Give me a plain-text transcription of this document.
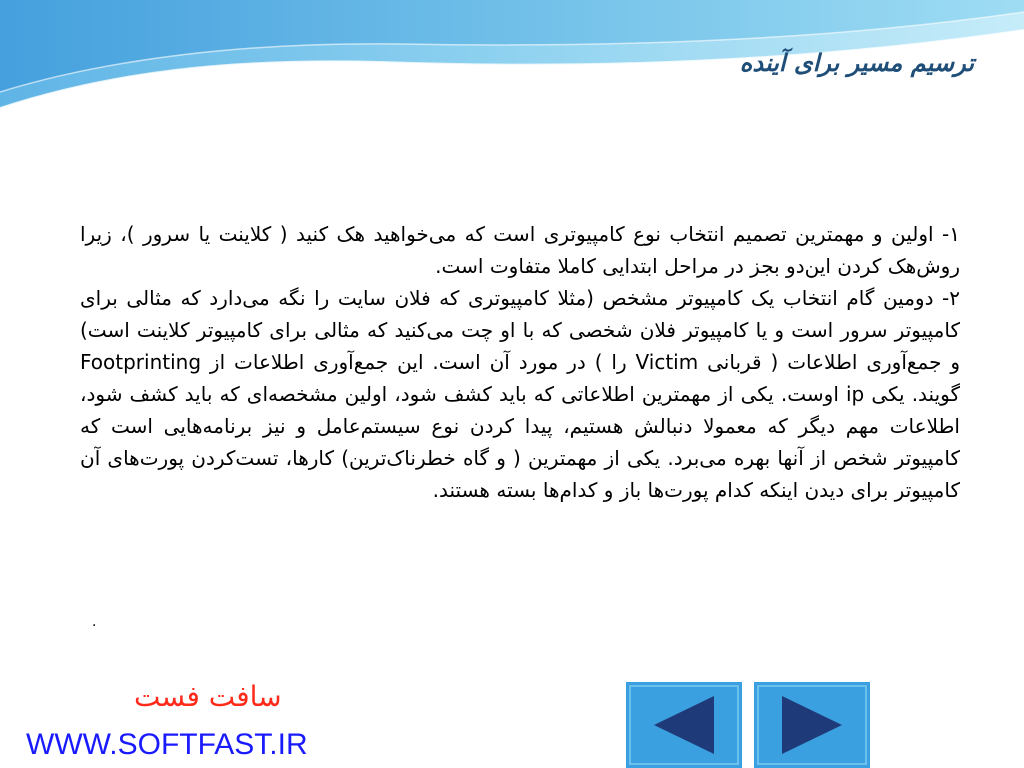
ترسیم مسیر برای آینده

١- اولین و مهمترین تصمیم انتخاب نوع کامپیوتری است که می‌خواهید هک کنید ( کلاینت یا سرور )، زیرا روش‌هک کردن این‌دو بجز در مراحل ابتدایی کاملا متفاوت است.

٢- دومین گام انتخاب یک کامپیوتر مشخص (مثلا کامپیوتری که فلان سایت را نگه می‌دارد که مثالی برای کامپیوتر سرور است و یا کامپیوتر فلان شخصی که با او چت می‌کنید که مثالی برای کامپیوتر کلاینت است) و جمع‌آوری اطلاعات ( قربانی Victim را ) در مورد آن است. این جمع‌آوری اطلاعات از Footprinting گویند. یکی ip اوست. یکی از مهمترین اطلاعاتی که باید کشف شود، اولین مشخصه‌ای که باید کشف شود، اطلاعات مهم دیگر که معمولا دنبالش هستیم، پیدا کردن نوع سیستم‌عامل و نیز برنامه‌هایی است که کامپیوتر شخص از آنها بهره می‌برد. یکی از مهمترین ( و گاه خطرناک‌ترین) کارها، تست‌کردن پورت‌های آن کامپیوتر برای دیدن اینکه کدام پورت‌ها باز و کدام‌ها بسته هستند.

.
سافت فست
WWW.SOFTFAST.IR
